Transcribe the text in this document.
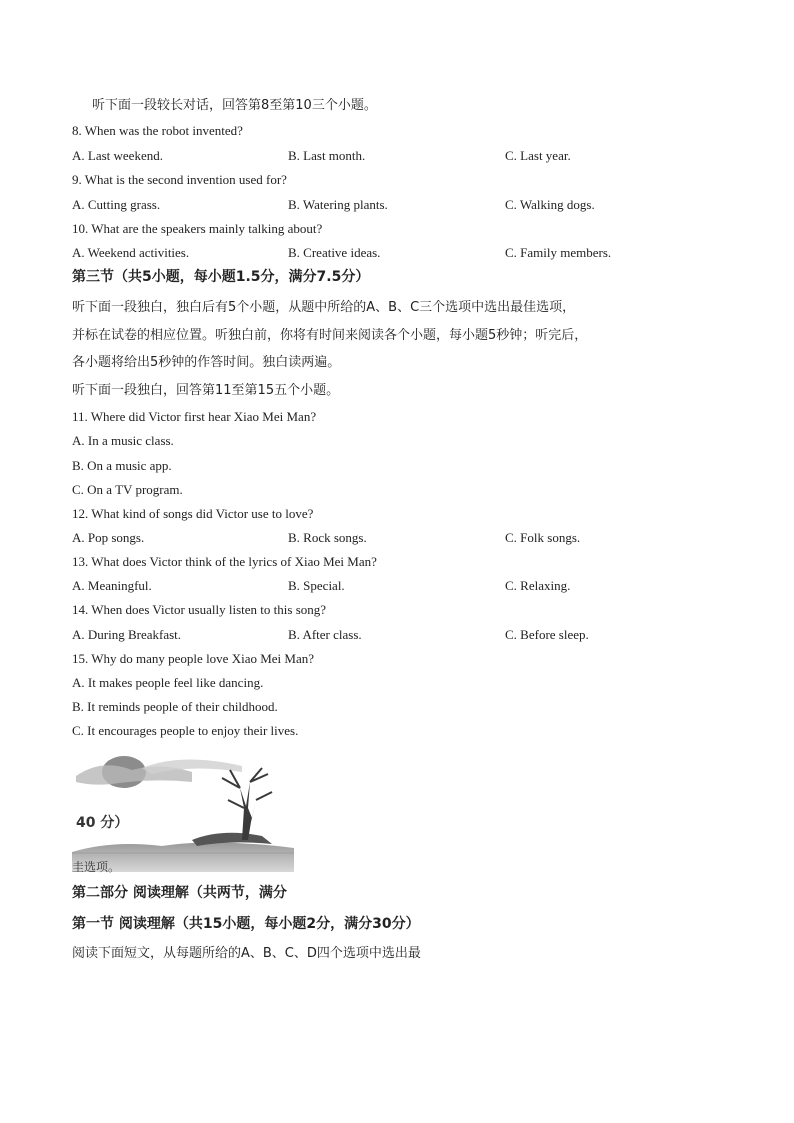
听下面一段较长对话，回答第8至第10三个小题。
8. When was the robot invented?
A. Last weekend.	B. Last month.	C. Last year.
9. What is the second invention used for?
A. Cutting grass.	B. Watering plants.	C. Walking dogs.
10. What are the speakers mainly talking about?
A. Weekend activities.	B. Creative ideas.	C. Family members.
第三节（共5小题，每小题1.5分，满分7.5分）
听下面一段独白，独白后有5个小题，从题中所给的A、B、C三个选项中选出最佳选项，
并标在试卷的相应位置。听独白前，你将有时间来阅读各个小题，每小题5秒钟；听完后，
各小题将给出5秒钟的作答时间。独白读两遍。
听下面一段独白，回答第11至第15五个小题。
11. Where did Victor first hear Xiao Mei Man?
A. In a music class.
B. On a music app.
C. On a TV program.
12. What kind of songs did Victor use to love?
A. Pop songs.	B. Rock songs.	C. Folk songs.
13. What does Victor think of the lyrics of Xiao Mei Man?
A. Meaningful.	B. Special.	C. Relaxing.
14. When does Victor usually listen to this song?
A. During Breakfast.	B. After class.	C. Before sleep.
15. Why do many people love Xiao Mei Man?
A. It makes people feel like dancing.
B. It reminds people of their childhood.
C. It encourages people to enjoy their lives.
40 分）
圭选项。
第二部分 阅读理解（共两节，满分
第一节 阅读理解（共15小题，每小题2分，满分30分）
阅读下面短文，从每题所给的A、B、C、D四个选项中选出最
